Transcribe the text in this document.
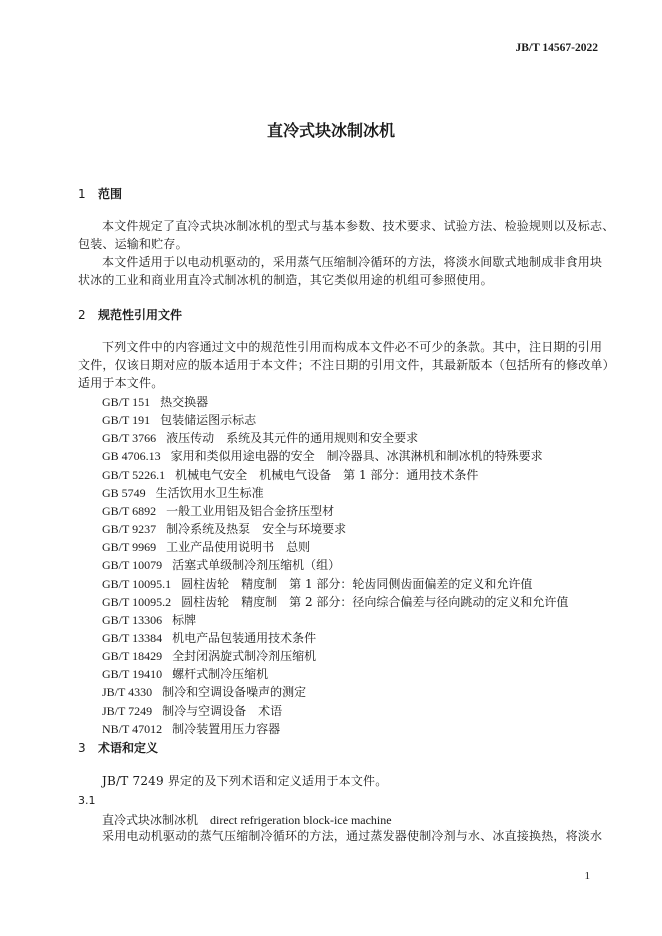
JB/T 14567-2022
直冷式块冰制冰机
1 范围
本文件规定了直冷式块冰制冰机的型式与基本参数、技术要求、试验方法、检验规则以及标志、
包装、运输和贮存。
本文件适用于以电动机驱动的，采用蒸气压缩制冷循环的方法，将淡水间歇式地制成非食用块
状冰的工业和商业用直冷式制冰机的制造，其它类似用途的机组可参照使用。
2 规范性引用文件
下列文件中的内容通过文中的规范性引用而构成本文件必不可少的条款。其中，注日期的引用
文件，仅该日期对应的版本适用于本文件；不注日期的引用文件，其最新版本（包括所有的修改单）
适用于本文件。
GB/T 151 热交换器
GB/T 191 包装储运图示标志
GB/T 3766 液压传动　系统及其元件的通用规则和安全要求
GB 4706.13 家用和类似用途电器的安全　制冷器具、冰淇淋机和制冰机的特殊要求
GB/T 5226.1 机械电气安全　机械电气设备　第 1 部分：通用技术条件
GB 5749 生活饮用水卫生标准
GB/T 6892 一般工业用铝及铝合金挤压型材
GB/T 9237 制冷系统及热泵　安全与环境要求
GB/T 9969 工业产品使用说明书　总则
GB/T 10079 活塞式单级制冷剂压缩机（组）
GB/T 10095.1 圆柱齿轮　精度制　第 1 部分：轮齿同侧齿面偏差的定义和允许值
GB/T 10095.2 圆柱齿轮　精度制　第 2 部分：径向综合偏差与径向跳动的定义和允许值
GB/T 13306 标牌
GB/T 13384 机电产品包装通用技术条件
GB/T 18429 全封闭涡旋式制冷剂压缩机
GB/T 19410 螺杆式制冷压缩机
JB/T 4330 制冷和空调设备噪声的测定
JB/T 7249 制冷与空调设备　术语
NB/T 47012 制冷装置用压力容器
3 术语和定义
JB/T 7249 界定的及下列术语和定义适用于本文件。
3.1
直冷式块冰制冰机 direct refrigeration block-ice machine
采用电动机驱动的蒸气压缩制冷循环的方法，通过蒸发器使制冷剂与水、冰直接换热，将淡水
1
